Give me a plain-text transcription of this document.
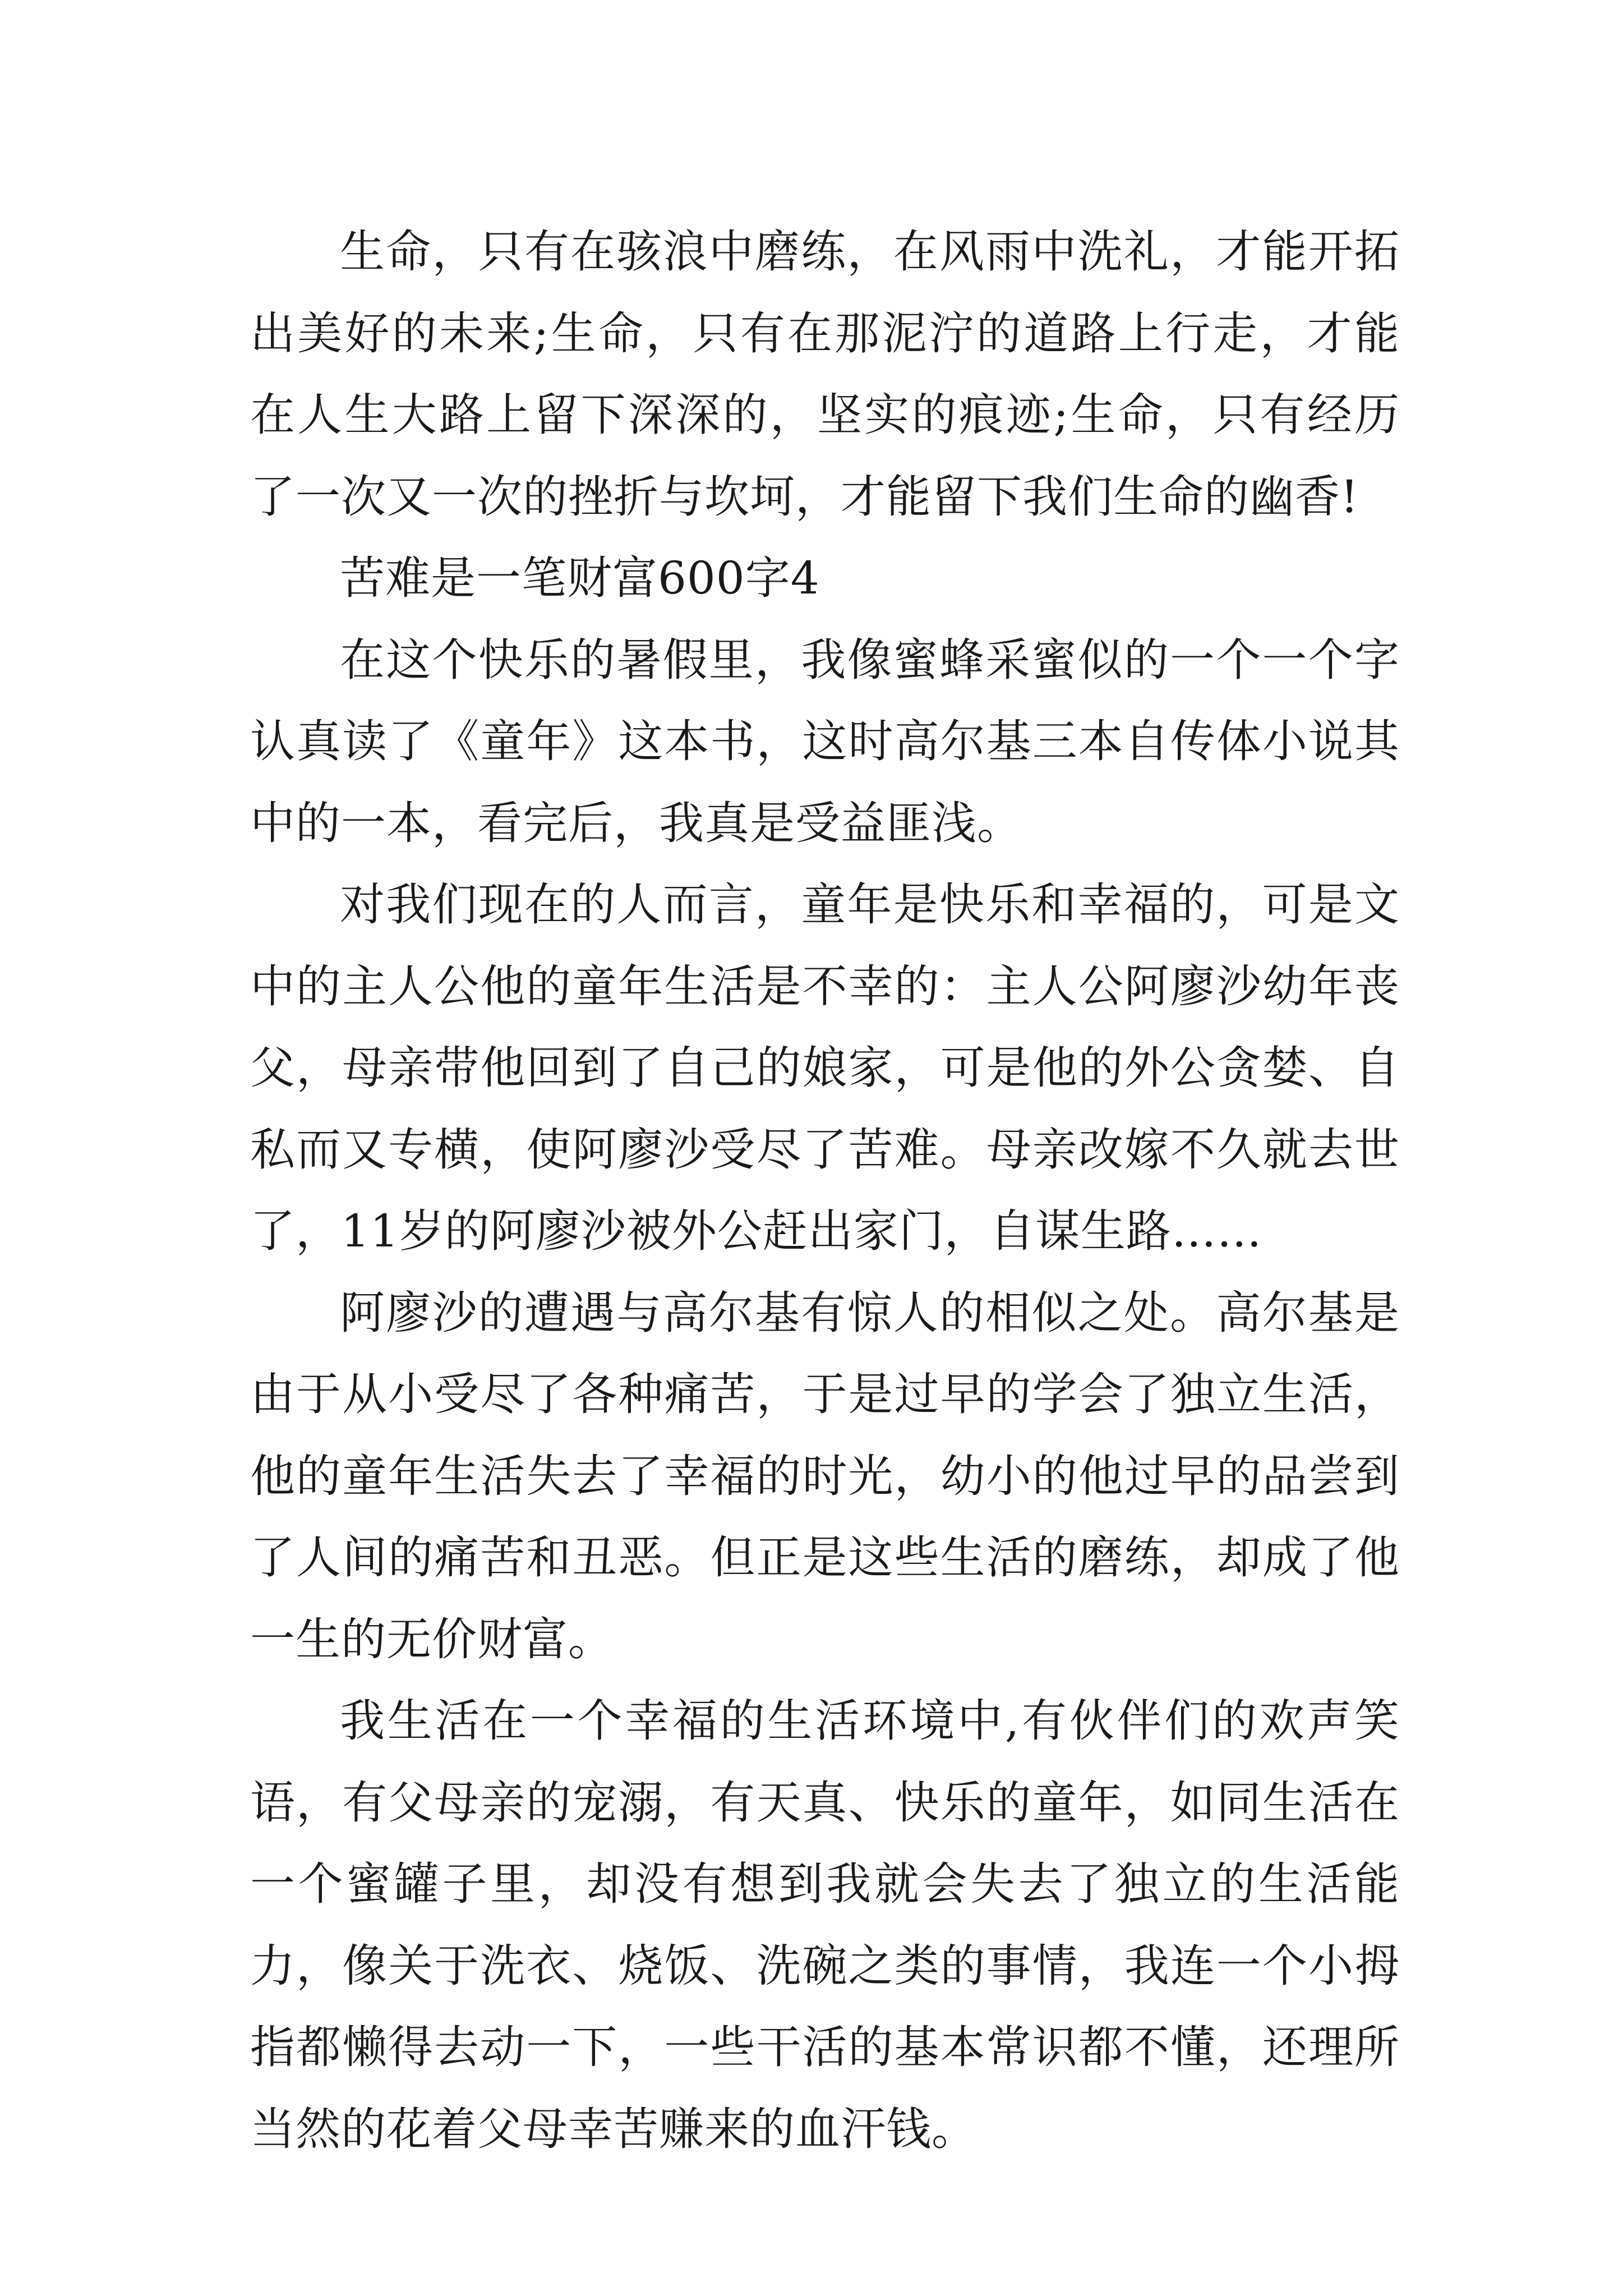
生命，只有在骇浪中磨练，在风雨中洗礼，才能开拓出美好的未来;生命，只有在那泥泞的道路上行走，才能在人生大路上留下深深的，坚实的痕迹;生命，只有经历了一次又一次的挫折与坎坷，才能留下我们生命的幽香!

苦难是一笔财富600字4

在这个快乐的暑假里，我像蜜蜂采蜜似的一个一个字认真读了《童年》这本书，这时高尔基三本自传体小说其中的一本，看完后，我真是受益匪浅。

对我们现在的人而言，童年是快乐和幸福的，可是文中的主人公他的童年生活是不幸的：主人公阿廖沙幼年丧父，母亲带他回到了自己的娘家，可是他的外公贪婪、自私而又专横，使阿廖沙受尽了苦难。母亲改嫁不久就去世了，11岁的阿廖沙被外公赶出家门，自谋生路……

阿廖沙的遭遇与高尔基有惊人的相似之处。高尔基是由于从小受尽了各种痛苦，于是过早的学会了独立生活，他的童年生活失去了幸福的时光，幼小的他过早的品尝到了人间的痛苦和丑恶。但正是这些生活的磨练，却成了他一生的无价财富。

我生活在一个幸福的生活环境中,有伙伴们的欢声笑语，有父母亲的宠溺，有天真、快乐的童年，如同生活在一个蜜罐子里，却没有想到我就会失去了独立的生活能力，像关于洗衣、烧饭、洗碗之类的事情，我连一个小拇指都懒得去动一下，一些干活的基本常识都不懂，还理所当然的花着父母幸苦赚来的血汗钱。
